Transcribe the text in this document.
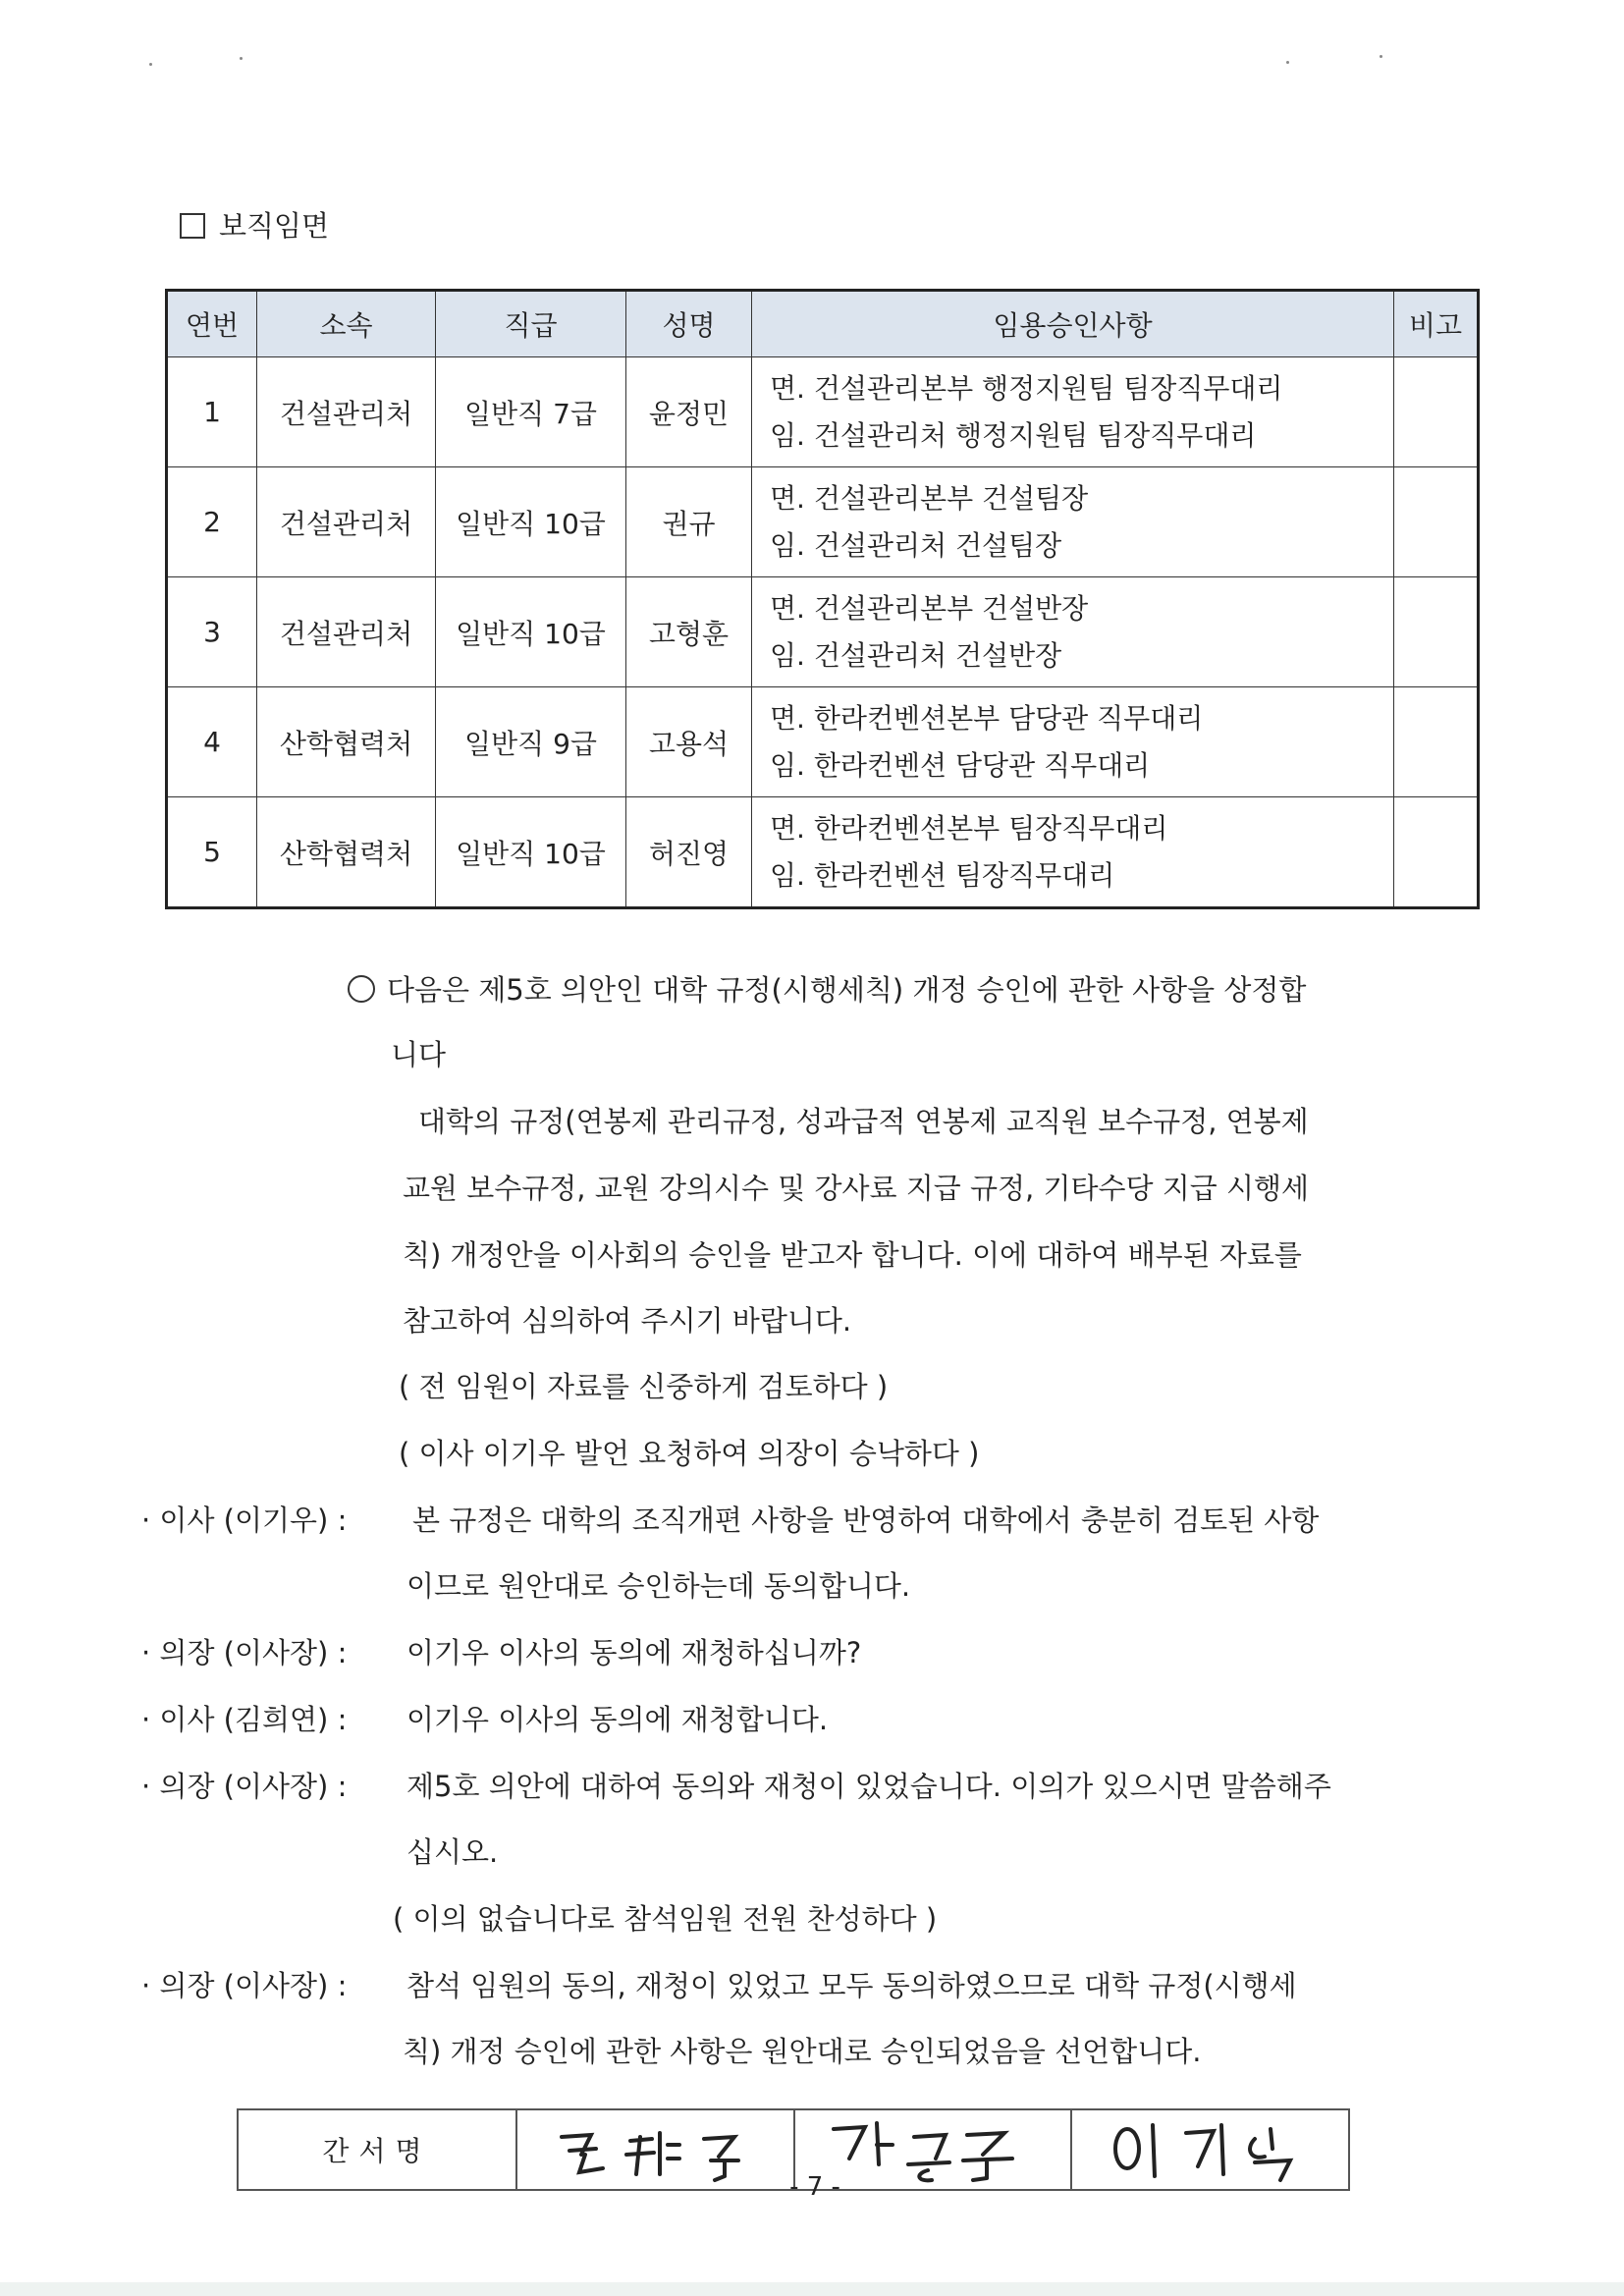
보직임면
연번	소속	직급	성명	임용승인사항	비고
1	건설관리처	일반직 7급	윤정민	면. 건설관리본부 행정지원팀 팀장직무대리
임. 건설관리처 행정지원팀 팀장직무대리	

2	건설관리처	일반직 10급	권규	면. 건설관리본부 건설팀장
임. 건설관리처 건설팀장	

3	건설관리처	일반직 10급	고형훈	면. 건설관리본부 건설반장
임. 건설관리처 건설반장	

4	산학협력처	일반직 9급	고용석	면. 한라컨벤션본부 담당관 직무대리
임. 한라컨벤션 담당관 직무대리	

5	산학협력처	일반직 10급	허진영	면. 한라컨벤션본부 팀장직무대리
임. 한라컨벤션 팀장직무대리	

다음은 제5호 의안인 대학 규정(시행세칙) 개정 승인에 관한 사항을 상정합
니다
대학의 규정(연봉제 관리규정, 성과급적 연봉제 교직원 보수규정, 연봉제
교원 보수규정, 교원 강의시수 및 강사료 지급 규정, 기타수당 지급 시행세
칙) 개정안을 이사회의 승인을 받고자 합니다. 이에 대하여 배부된 자료를
참고하여 심의하여 주시기 바랍니다.
( 전 임원이 자료를 신중하게 검토하다 )
( 이사 이기우 발언 요청하여 의장이 승낙하다 )
· 이사 (이기우) : 본 규정은 대학의 조직개편 사항을 반영하여 대학에서 충분히 검토된 사항
이므로 원안대로 승인하는데 동의합니다.
· 의장 (이사장) : 이기우 이사의 동의에 재청하십니까?
· 이사 (김희연) : 이기우 이사의 동의에 재청합니다.
· 의장 (이사장) : 제5호 의안에 대하여 동의와 재청이 있었습니다. 이의가 있으시면 말씀해주
십시오.
( 이의 없습니다로 참석임원 전원 찬성하다 )
· 의장 (이사장) : 참석 임원의 동의, 재청이 있었고 모두 동의하였으므로 대학 규정(시행세
칙) 개정 승인에 관한 사항은 원안대로 승인되었음을 선언합니다.
간서명
- 7 -
